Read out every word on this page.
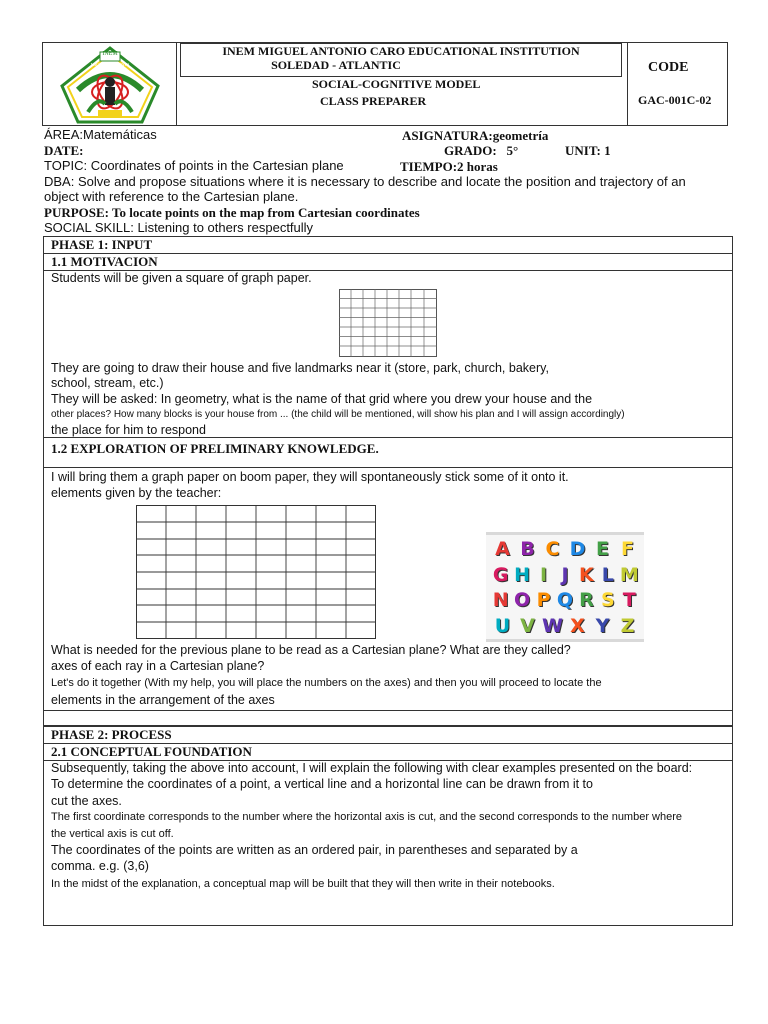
INEM
MIGUEL ANTONIO CARO
INEM MIGUEL ANTONIO CARO EDUCATIONAL INSTITUTION
SOLEDAD - ATLANTIC
SOCIAL-COGNITIVE MODEL
CLASS PREPARER
CODE
GAC-001C-02
ÁREA:Matemáticas	ASIGNATURA:geometría
DATE:	GRADO:   5°	UNIT: 1
TOPIC: Coordinates of points in the Cartesian plane	TIEMPO:2 horas
DBA: Solve and propose situations where it is necessary to describe and locate the position and trajectory of an object with reference to the Cartesian plane.
PURPOSE: To locate points on the map from Cartesian coordinates
SOCIAL SKILL: Listening to others respectfully
PHASE 1: INPUT
1.1 MOTIVACION
Students will be given a square of graph paper.
They are going to draw their house and five landmarks near it (store, park, church, bakery,
school, stream, etc.)
They will be asked: In geometry, what is the name of that grid where you drew your house and the
other places? How many blocks is your house from ... (the child will be mentioned, will show his plan and I will assign accordingly)
the place for him to respond
1.2 EXPLORATION OF PRELIMINARY KNOWLEDGE.
I will bring them a graph paper on boom paper, they will spontaneously stick some of it onto it.
elements given by the teacher:
A B C D E F
G H I J K L M
N O P Q R S T
U V W X Y Z
What is needed for the previous plane to be read as a Cartesian plane? What are they called?
axes of each ray in a Cartesian plane?
Let's do it together (With my help, you will place the numbers on the axes) and then you will proceed to locate the
elements in the arrangement of the axes
PHASE 2: PROCESS
2.1 CONCEPTUAL FOUNDATION
Subsequently, taking the above into account, I will explain the following with clear examples presented on the board:
To determine the coordinates of a point, a vertical line and a horizontal line can be drawn from it to
cut the axes.
The first coordinate corresponds to the number where the horizontal axis is cut, and the second corresponds to the number where
the vertical axis is cut off.
The coordinates of the points are written as an ordered pair, in parentheses and separated by a
comma. e.g. (3,6)
In the midst of the explanation, a conceptual map will be built that they will then write in their notebooks.
